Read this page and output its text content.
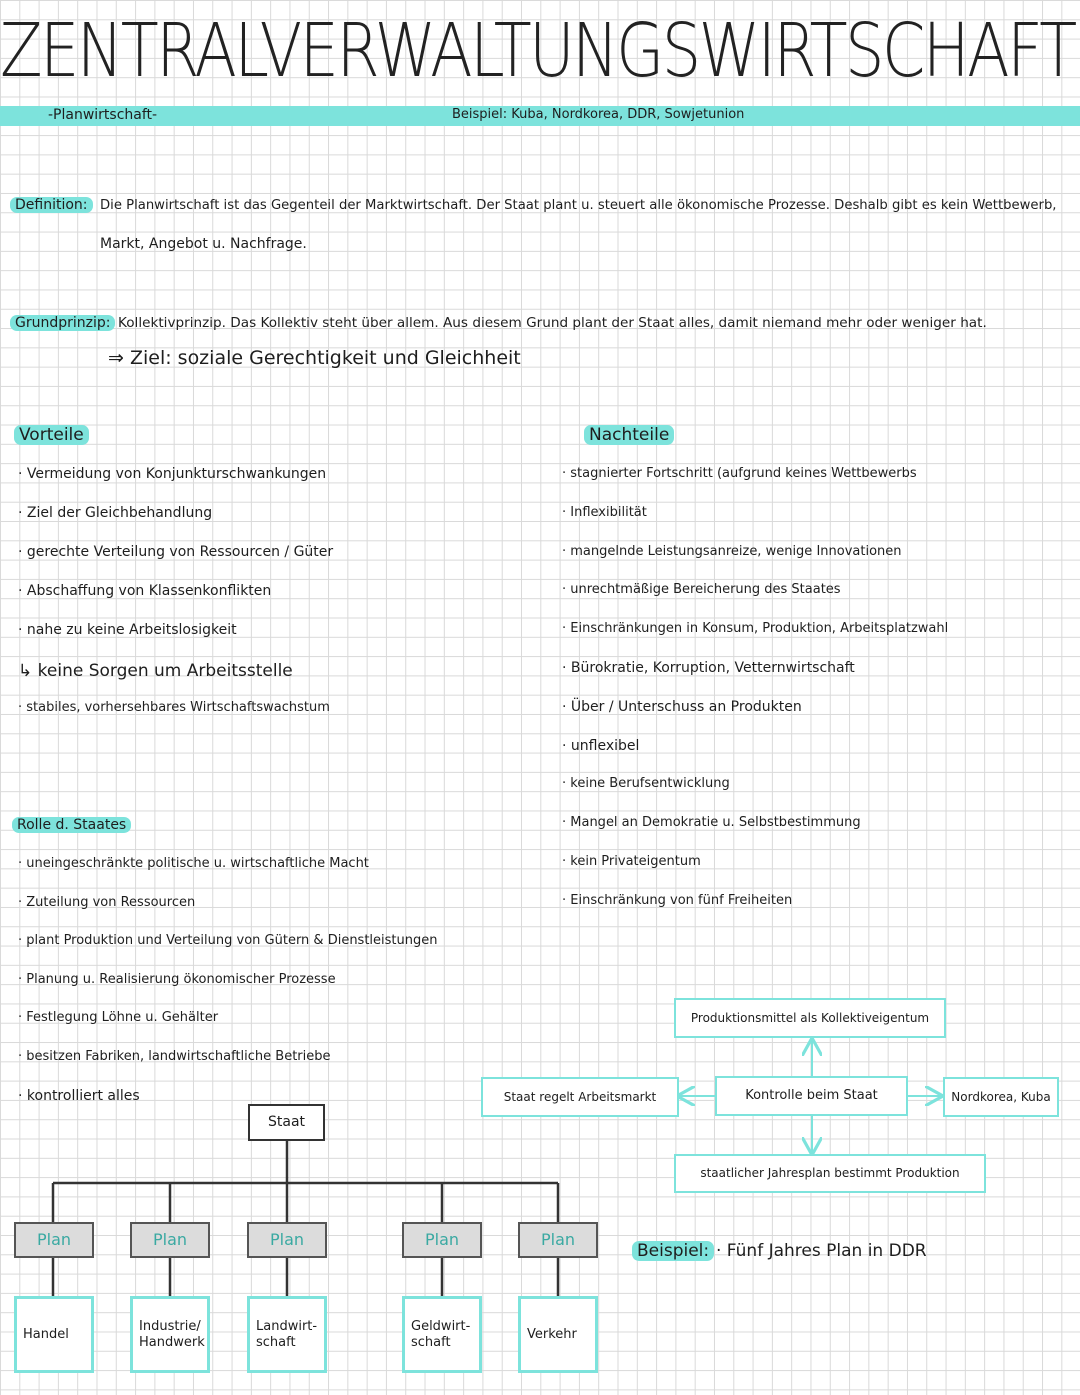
ZENTRALVERWALTUNGSWIRTSCHAFT
-Planwirtschaft-	Beispiel: Kuba, Nordkorea, DDR, Sowjetunion
Definition: Die Planwirtschaft ist das Gegenteil der Marktwirtschaft. Der Staat plant u. steuert alle ökonomische Prozesse. Deshalb gibt es kein Wettbewerb,
Markt, Angebot u. Nachfrage.
Grundprinzip: Kollektivprinzip. Das Kollektiv steht über allem. Aus diesem Grund plant der Staat alles, damit niemand mehr oder weniger hat.
⇒ Ziel: soziale Gerechtigkeit und Gleichheit
Vorteile
· Vermeidung von Konjunkturschwankungen
· Ziel der Gleichbehandlung
· gerechte Verteilung von Ressourcen / Güter
· Abschaffung von Klassenkonflikten
· nahe zu keine Arbeitslosigkeit
↳ keine Sorgen um Arbeitsstelle
· stabiles, vorhersehbares Wirtschaftswachstum
Nachteile
· stagnierter Fortschritt (aufgrund keines Wettbewerbs
· Inflexibilität
· mangelnde Leistungsanreize, wenige Innovationen
· unrechtmäßige Bereicherung des Staates
· Einschränkungen in Konsum, Produktion, Arbeitsplatzwahl
· Bürokratie, Korruption, Vetternwirtschaft
· Über / Unterschuss an Produkten
· unflexibel
· keine Berufsentwicklung
· Mangel an Demokratie u. Selbstbestimmung
· kein Privateigentum
· Einschränkung von fünf Freiheiten
Rolle d. Staates
· uneingeschränkte politische u. wirtschaftliche Macht
· Zuteilung von Ressourcen
· plant Produktion und Verteilung von Gütern & Dienstleistungen
· Planung u. Realisierung ökonomischer Prozesse
· Festlegung Löhne u. Gehälter
· besitzen Fabriken, landwirtschaftliche Betriebe
· kontrolliert alles
Staat
Plan	Plan	Plan	Plan	Plan
Handel
Industrie/ Handwerk
Landwirt-schaft
Geldwirt-schaft
Verkehr
Produktionsmittel als Kollektiveigentum
Kontrolle beim Staat
Staat regelt Arbeitsmarkt	Nordkorea, Kuba
staatlicher Jahresplan bestimmt Produktion
Beispiel: · Fünf Jahres Plan in DDR
